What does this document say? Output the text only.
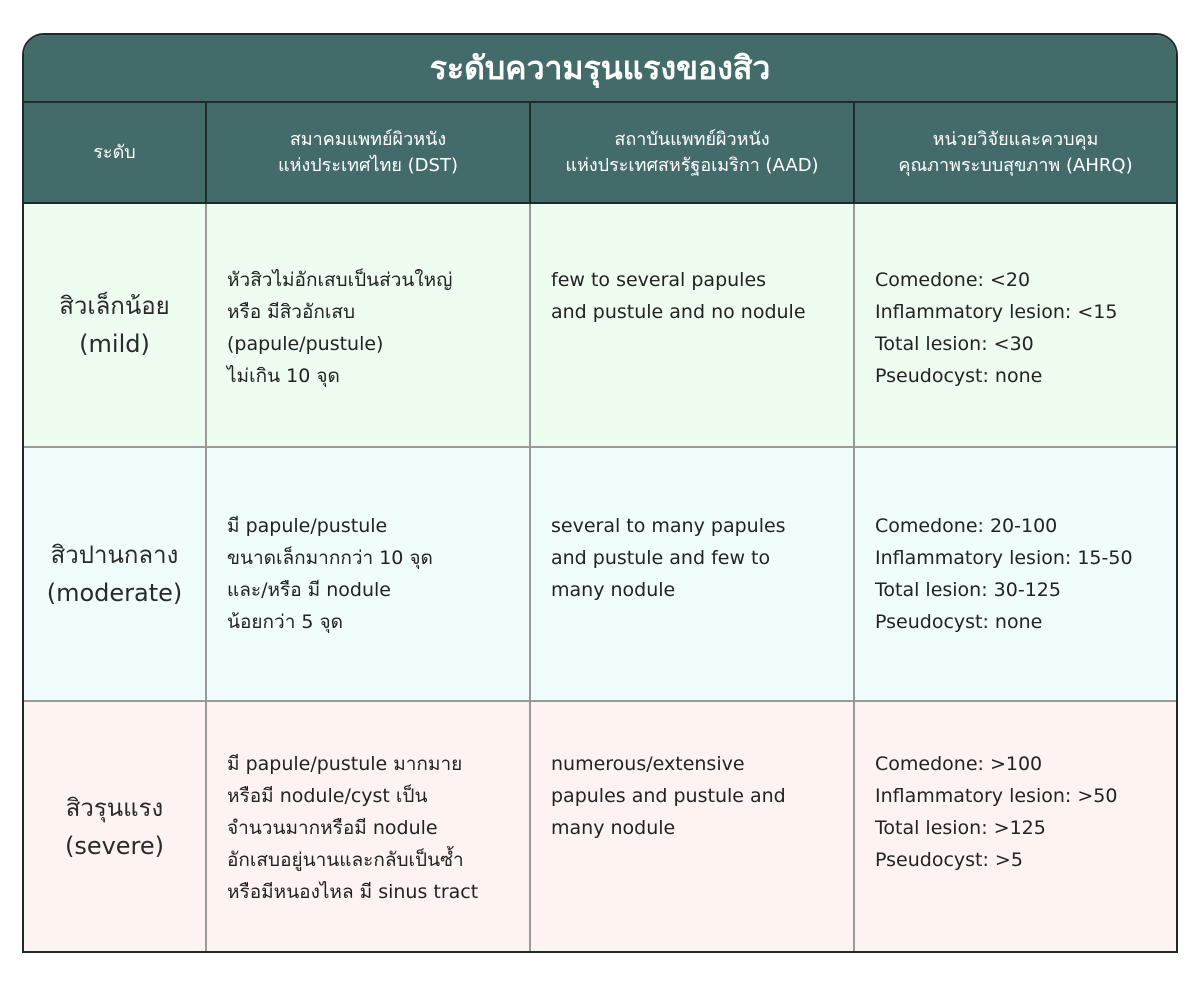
ระดับความรุนแรงของสิว
ระดับ	สมาคมแพทย์ผิวหนัง
แห่งประเทศไทย (DST)	สถาบันแพทย์ผิวหนัง
แห่งประเทศสหรัฐอเมริกา (AAD)	หน่วยวิจัยและควบคุม
คุณภาพระบบสุขภาพ (AHRQ)

สิวเล็กน้อย
(mild)	หัวสิวไม่อักเสบเป็นส่วนใหญ่
หรือ มีสิวอักเสบ
(papule/pustule)
ไม่เกิน 10 จุด	few to several papules
and pustule and no nodule	Comedone: <20
Inflammatory lesion: <15
Total lesion: <30
Pseudocyst: none

สิวปานกลาง
(moderate)	มี papule/pustule
ขนาดเล็กมากกว่า 10 จุด
และ/หรือ มี nodule
น้อยกว่า 5 จุด	several to many papules
and pustule and few to
many nodule	Comedone: 20-100
Inflammatory lesion: 15-50
Total lesion: 30-125
Pseudocyst: none

สิวรุนแรง
(severe)	มี papule/pustule มากมาย
หรือมี nodule/cyst เป็น
จำนวนมากหรือมี nodule
อักเสบอยู่นานและกลับเป็นซ้ำ
หรือมีหนองไหล มี sinus tract	numerous/extensive
papules and pustule and
many nodule	Comedone: >100
Inflammatory lesion: >50
Total lesion: >125
Pseudocyst: >5
